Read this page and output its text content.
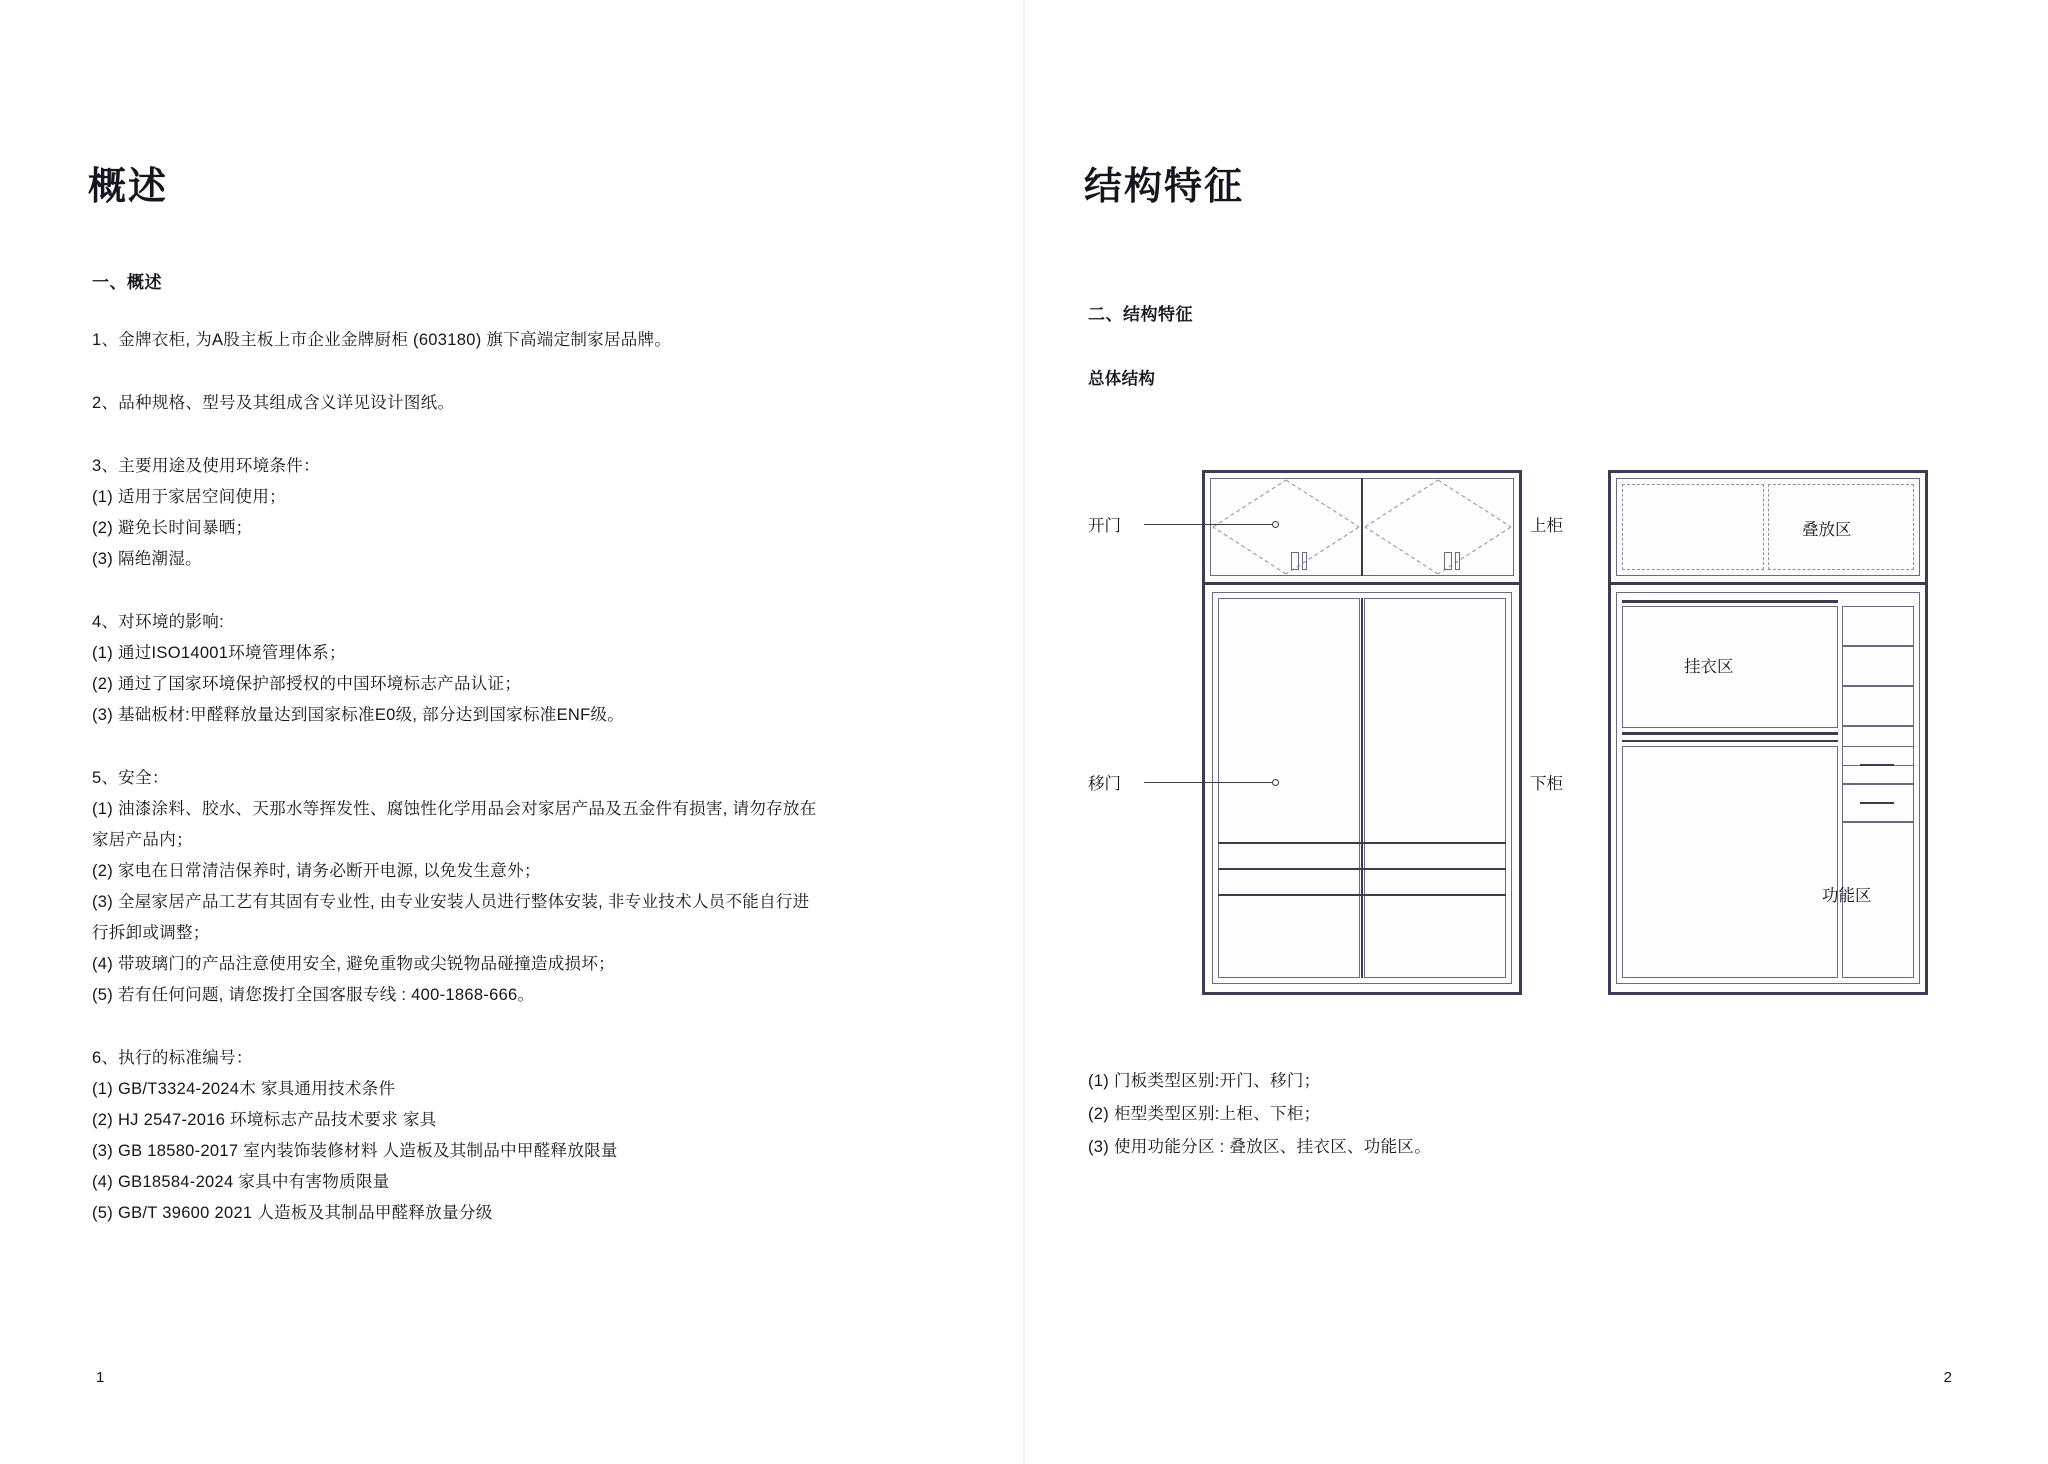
概述
一、概述

1、金牌衣柜, 为A股主板上市企业金牌厨柜 (603180) 旗下高端定制家居品牌。

2、品种规格、型号及其组成含义详见设计图纸。

3、主要用途及使用环境条件：

(1) 适用于家居空间使用；

(2) 避免长时间暴晒；

(3) 隔绝潮湿。

4、对环境的影响:

(1) 通过ISO14001环境管理体系；

(2) 通过了国家环境保护部授权的中国环境标志产品认证；

(3) 基础板材:甲醛释放量达到国家标准E0级, 部分达到国家标准ENF级。

5、安全：

(1) 油漆涂料、胶水、天那水等挥发性、腐蚀性化学用品会对家居产品及五金件有损害, 请勿存放在

家居产品内；

(2) 家电在日常清洁保养时, 请务必断开电源, 以免发生意外；

(3) 全屋家居产品工艺有其固有专业性, 由专业安装人员进行整体安装, 非专业技术人员不能自行进

行拆卸或调整；

(4) 带玻璃门的产品注意使用安全, 避免重物或尖锐物品碰撞造成损坏；

(5) 若有任何问题, 请您拨打全国客服专线 : 400-1868-666。

6、执行的标准编号：

(1) GB/T3324-2024木 家具通用技术条件

(2) HJ 2547-2016 环境标志产品技术要求 家具

(3) GB 18580-2017 室内装饰装修材料 人造板及其制品中甲醛释放限量

(4) GB18584-2024 家具中有害物质限量

(5) GB/T 39600 2021 人造板及其制品甲醛释放量分级

1
结构特征
二、结构特征
总体结构
开门
移门
叠放区
挂衣区
功能区
上柜
下柜

(1) 门板类型区别:开门、移门；

(2) 柜型类型区别:上柜、下柜；

(3) 使用功能分区 : 叠放区、挂衣区、功能区。

2
